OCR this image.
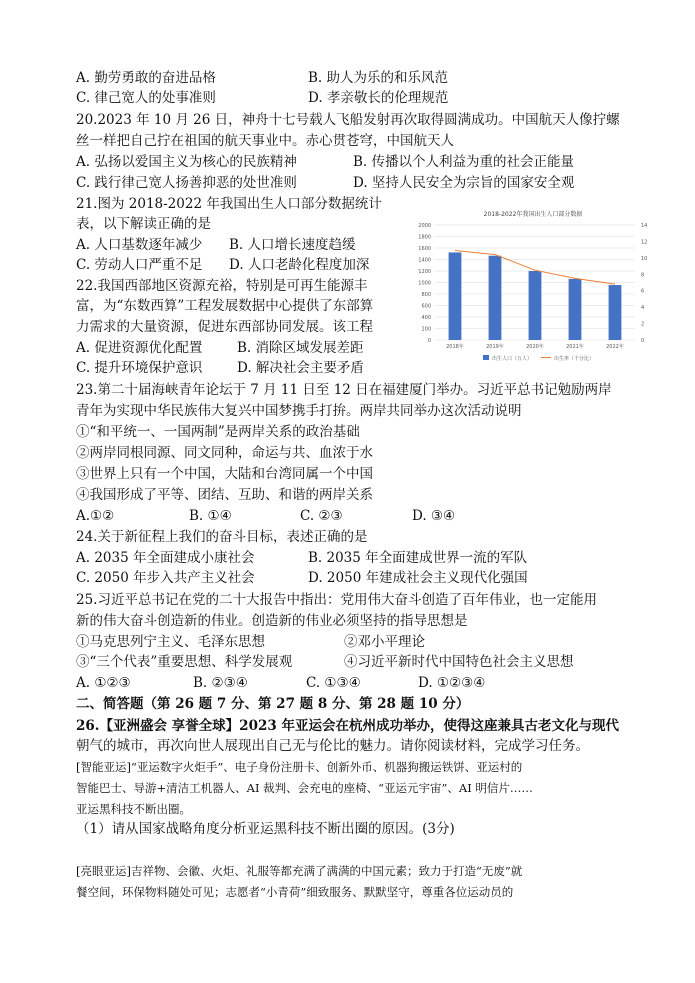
A. 勤劳勇敢的奋进品格	B. 助人为乐的和乐风范
C. 律己宽人的处事准则	D. 孝亲敬长的伦理规范
20.2023 年 10 月 26 日，神舟十七号载人飞船发射再次取得圆满成功。中国航天人像拧螺
丝一样把自己拧在祖国的航天事业中。赤心贯苍穹，中国航天人
A. 弘扬以爱国主义为核心的民族精神	B. 传播以个人利益为重的社会正能量
C. 践行律己宽人扬善抑恶的处世准则	D. 坚持人民安全为宗旨的国家安全观
21.图为 2018-2022 年我国出生人口部分数据统计
表，以下解读正确的是
A. 人口基数逐年减少 B. 人口增长速度趋缓
C. 劳动人口严重不足 D. 人口老龄化程度加深
22.我国西部地区资源充裕，特别是可再生能源丰
富，为“东数西算”工程发展数据中心提供了东部算
力需求的大量资源，促进东西部协同发展。该工程
A. 促进资源优化配置	B. 消除区域发展差距
C. 提升环境保护意识	D. 解决社会主要矛盾
23.第二十届海峡青年论坛于 7 月 11 日至 12 日在福建厦门举办。习近平总书记勉励两岸
青年为实现中华民族伟大复兴中国梦携手打拚。两岸共同举办这次活动说明
①“和平统一、一国两制”是两岸关系的政治基础
②两岸同根同源、同文同种，命运与共、血浓于水
③世界上只有一个中国，大陆和台湾同属一个中国
④我国形成了平等、团结、互助、和谐的两岸关系
A.①②	B. ①④	C. ②③	D. ③④
24.关于新征程上我们的奋斗目标，表述正确的是
A. 2035 年全面建成小康社会	B. 2035 年全面建成世界一流的军队
C. 2050 年步入共产主义社会	D. 2050 年建成社会主义现代化强国
25.习近平总书记在党的二十大报告中指出：党用伟大奋斗创造了百年伟业，也一定能用
新的伟大奋斗创造新的伟业。创造新的伟业必须坚持的指导思想是
①马克思列宁主义、毛泽东思想	②邓小平理论
③“三个代表”重要思想、科学发展观	④习近平新时代中国特色社会主义思想
A. ①②③	B. ②③④	C. ①③④	D. ①②③④
二、简答题（第 26 题 7 分、第 27 题 8 分、第 28 题 10 分）
26.【亚洲盛会 享誉全球】2023 年亚运会在杭州成功举办，使得这座兼具古老文化与现代
朝气的城市，再次向世人展现出自己无与伦比的魅力。请你阅读材料，完成学习任务。
[智能亚运]“亚运数字火炬手”、电子身份注册卡、创新外币、机器狗搬运铁饼、亚运村的
智能巴士、导游+清洁工机器人、AI 裁判、会充电的座椅、“亚运元宇宙”、AI 明信片……
亚运黑科技不断出圈。
（1）请从国家战略角度分析亚运黑科技不断出圈的原因。(3分)
[亮眼亚运]吉祥物、会徽、火炬、礼服等都充满了满满的中国元素；致力于打造“无废”就
餐空间，环保物料随处可见；志愿者“小青荷”细致服务、默默坚守，尊重各位运动员的
2018-2022年我国出生人口部分数据
0
200
400
600
800
1000
1200
1400
1600
1800
2000
0
2
4
6
8
10
12
14
2018年	2019年	2020年	2021年	2022年
出生人口（万人）	出生率（千分比）
